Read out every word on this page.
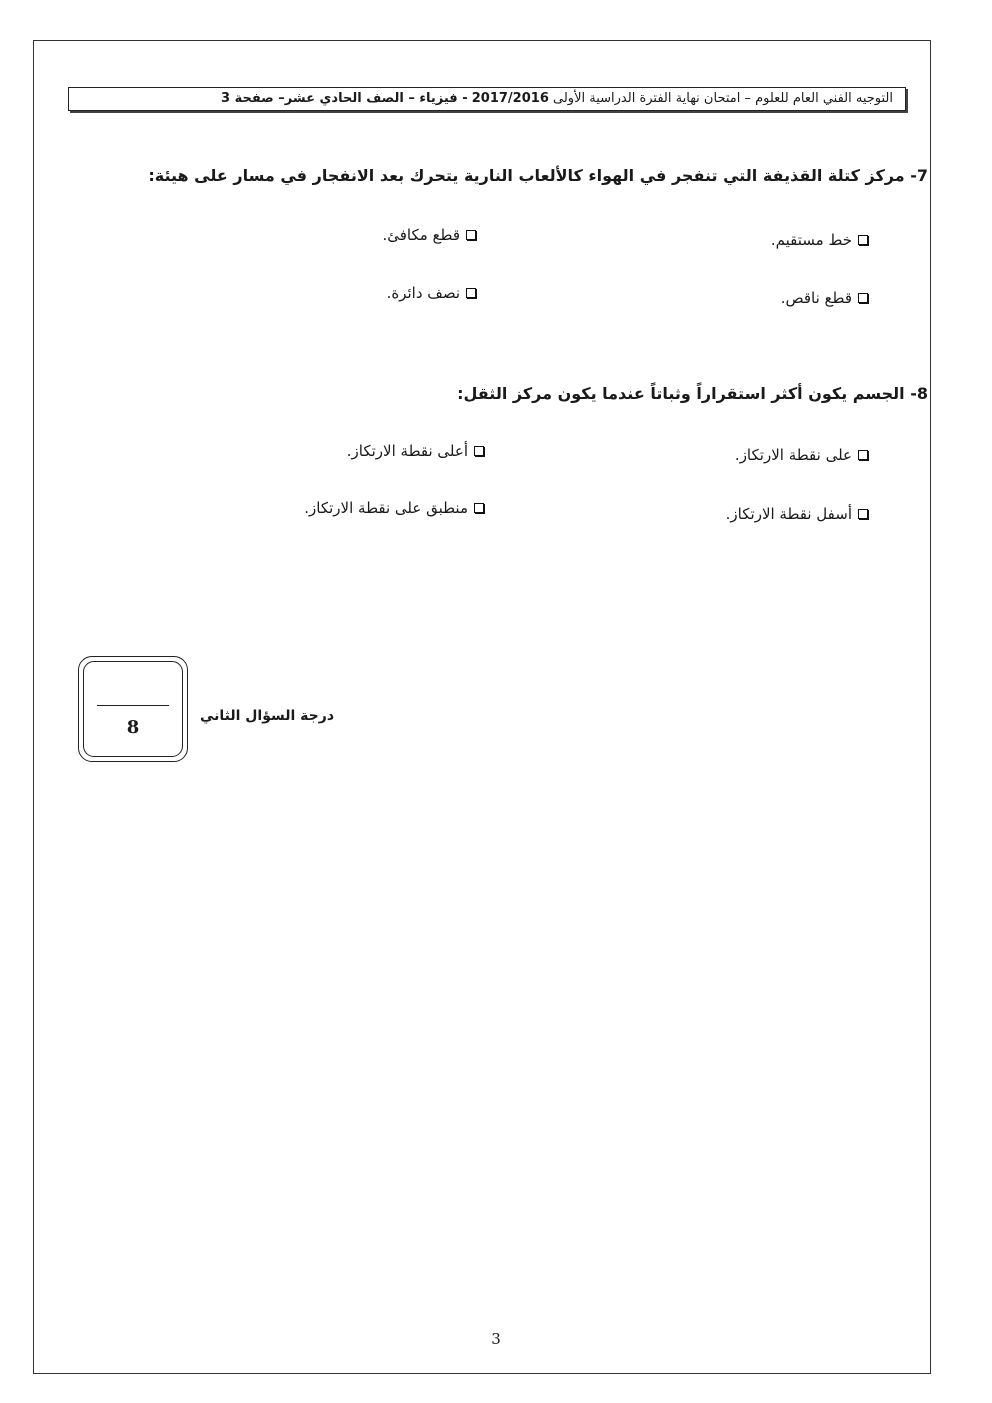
التوجيه الفني العام للعلوم – امتحان نهاية الفترة الدراسية الأولى 2017/2016 - فيزياء – الصف الحادي عشر– صفحة 3
7- مركز كتلة القذيفة التي تنفجر في الهواء كالألعاب النارية يتحرك بعد الانفجار في مسار على هيئة:
خط مستقيم.
قطع مكافئ.
قطع ناقص.
نصف دائرة.
8- الجسم يكون أكثر استقراراً وثباتاً عندما يكون مركز الثقل:
على نقطة الارتكاز.
أعلى نقطة الارتكاز.
أسفل نقطة الارتكاز.
منطبق على نقطة الارتكاز.
8
درجة السؤال الثاني
3
